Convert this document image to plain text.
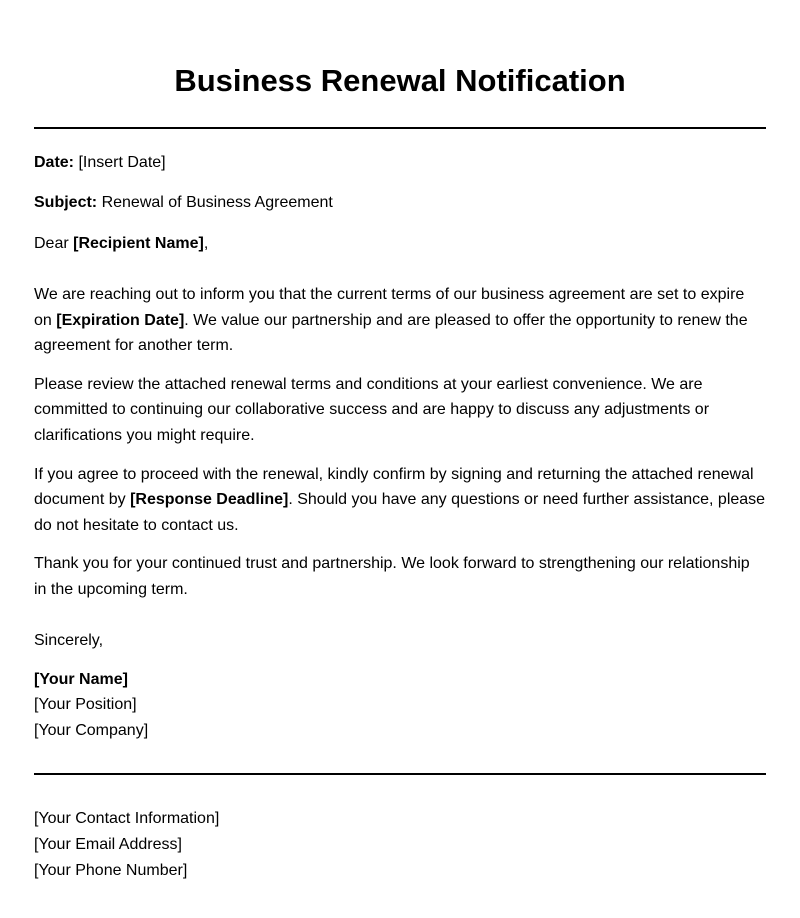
Business Renewal Notification
Date: [Insert Date]
Subject: Renewal of Business Agreement
Dear [Recipient Name],

We are reaching out to inform you that the current terms of our business agreement are set to expire on [Expiration Date]. We value our partnership and are pleased to offer the opportunity to renew the agreement for another term.

Please review the attached renewal terms and conditions at your earliest convenience. We are committed to continuing our collaborative success and are happy to discuss any adjustments or clarifications you might require.

If you agree to proceed with the renewal, kindly confirm by signing and returning the attached renewal document by [Response Deadline]. Should you have any questions or need further assistance, please do not hesitate to contact us.

Thank you for your continued trust and partnership. We look forward to strengthening our relationship in the upcoming term.

Sincerely,
[Your Name]
[Your Position]
[Your Company]
[Your Contact Information]
[Your Email Address]
[Your Phone Number]
